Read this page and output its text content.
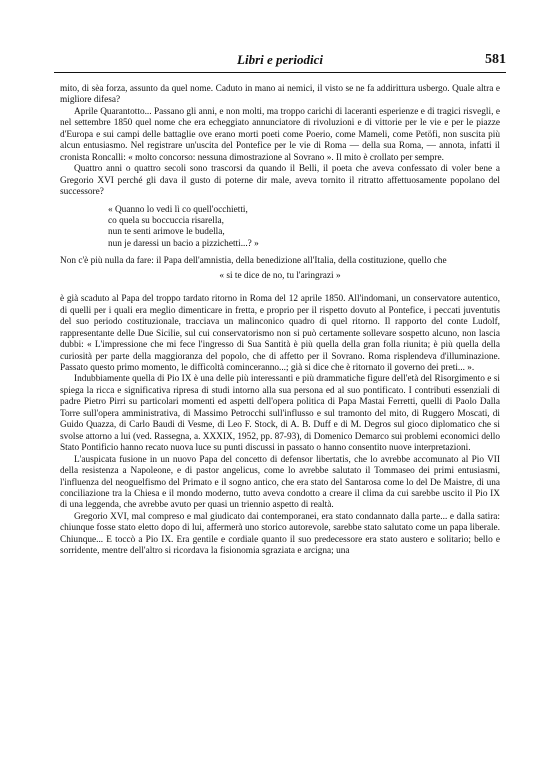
Libri e periodici	581

mito, di sèa forza, assunto da quel nome. Caduto in mano ai nemici, il visto se ne fa addirittura usbergo. Quale altra e migliore difesa?

Aprile Quarantotto... Passano gli anni, e non molti, ma troppo carichi di laceranti esperienze e di tragici risvegli, e nel settembre 1850 quel nome che era echeggiato annunciatore di rivoluzioni e di vittorie per le vie e per le piazze d'Europa e sui campi delle battaglie ove erano morti poeti come Poerio, come Mameli, come Petöfi, non suscita più alcun entusiasmo. Nel registrare un'uscita del Pontefice per le vie di Roma — della sua Roma, — annota, infatti il cronista Roncalli: « molto concorso: nessuna dimostrazione al Sovrano ». Il mito è crollato per sempre.

Quattro anni o quattro secoli sono trascorsi da quando il Belli, il poeta che aveva confessato di voler bene a Gregorio XVI perché gli dava il gusto di poterne dir male, aveva tornito il ritratto affettuosamente popolano del successore?

« Quanno lo vedi lì co quell'occhietti,
co quela su boccuccia risarella,
nun te senti arimove le budella,
nun je daressi un bacio a pizzichetti...? »

Non c'è più nulla da fare: il Papa dell'amnistia, della benedizione all'Italia, della costituzione, quello che

« si te dice de no, tu l'aringrazi »

è già scaduto al Papa del troppo tardato ritorno in Roma del 12 aprile 1850. All'indomani, un conservatore autentico, di quelli per i quali era meglio dimenticare in fretta, e proprio per il rispetto dovuto al Pontefice, i peccati juventutis del suo periodo costituzionale, tracciava un malinconico quadro di quel ritorno. Il rapporto del conte Ludolf, rappresentante delle Due Sicilie, sul cui conservatorismo non si può certamente sollevare sospetto alcuno, non lascia dubbi: « L'impressione che mi fece l'ingresso di Sua Santità è più quella della gran folla riunita; è più quella della curiosità per parte della maggioranza del popolo, che di affetto per il Sovrano. Roma risplendeva d'illuminazione. Passato questo primo momento, le difficoltà cominceranno...; già si dice che è ritornato il governo dei preti... ».

Indubbiamente quella di Pio IX è una delle più interessanti e più drammatiche figure dell'età del Risorgimento e si spiega la ricca e significativa ripresa di studi intorno alla sua persona ed al suo pontificato. I contributi essenziali di padre Pietro Pirri su particolari momenti ed aspetti dell'opera politica di Papa Mastai Ferretti, quelli di Paolo Dalla Torre sull'opera amministrativa, di Massimo Petrocchi sull'influsso e sul tramonto del mito, di Ruggero Moscati, di Guido Quazza, di Carlo Baudi di Vesme, di Leo F. Stock, di A. B. Duff e di M. Degros sul gioco diplomatico che si svolse attorno a lui (ved. Rassegna, a. XXXIX, 1952, pp. 87-93), di Domenico Demarco sui problemi economici dello Stato Pontificio hanno recato nuova luce su punti discussi in passato o hanno consentito nuove interpretazioni.

L'auspicata fusione in un nuovo Papa del concetto di defensor libertatis, che lo avrebbe accomunato al Pio VII della resistenza a Napoleone, e di pastor angelicus, come lo avrebbe salutato il Tommaseo dei primi entusiasmi, l'influenza del neoguelfismo del Primato e il sogno antico, che era stato del Santarosa come lo del De Maistre, di una conciliazione tra la Chiesa e il mondo moderno, tutto aveva condotto a creare il clima da cui sarebbe uscito il Pio IX di una leggenda, che avrebbe avuto per quasi un triennio aspetto di realtà.

Gregorio XVI, mal compreso e mal giudicato dai contemporanei, era stato condannato dalla parte... e dalla satira: chiunque fosse stato eletto dopo di lui, affermerà uno storico autorevole, sarebbe stato salutato come un papa liberale. Chiunque... E toccò a Pio IX. Era gentile e cordiale quanto il suo predecessore era stato austero e solitario; bello e sorridente, mentre dell'altro si ricordava la fisionomia sgraziata e arcigna; una
